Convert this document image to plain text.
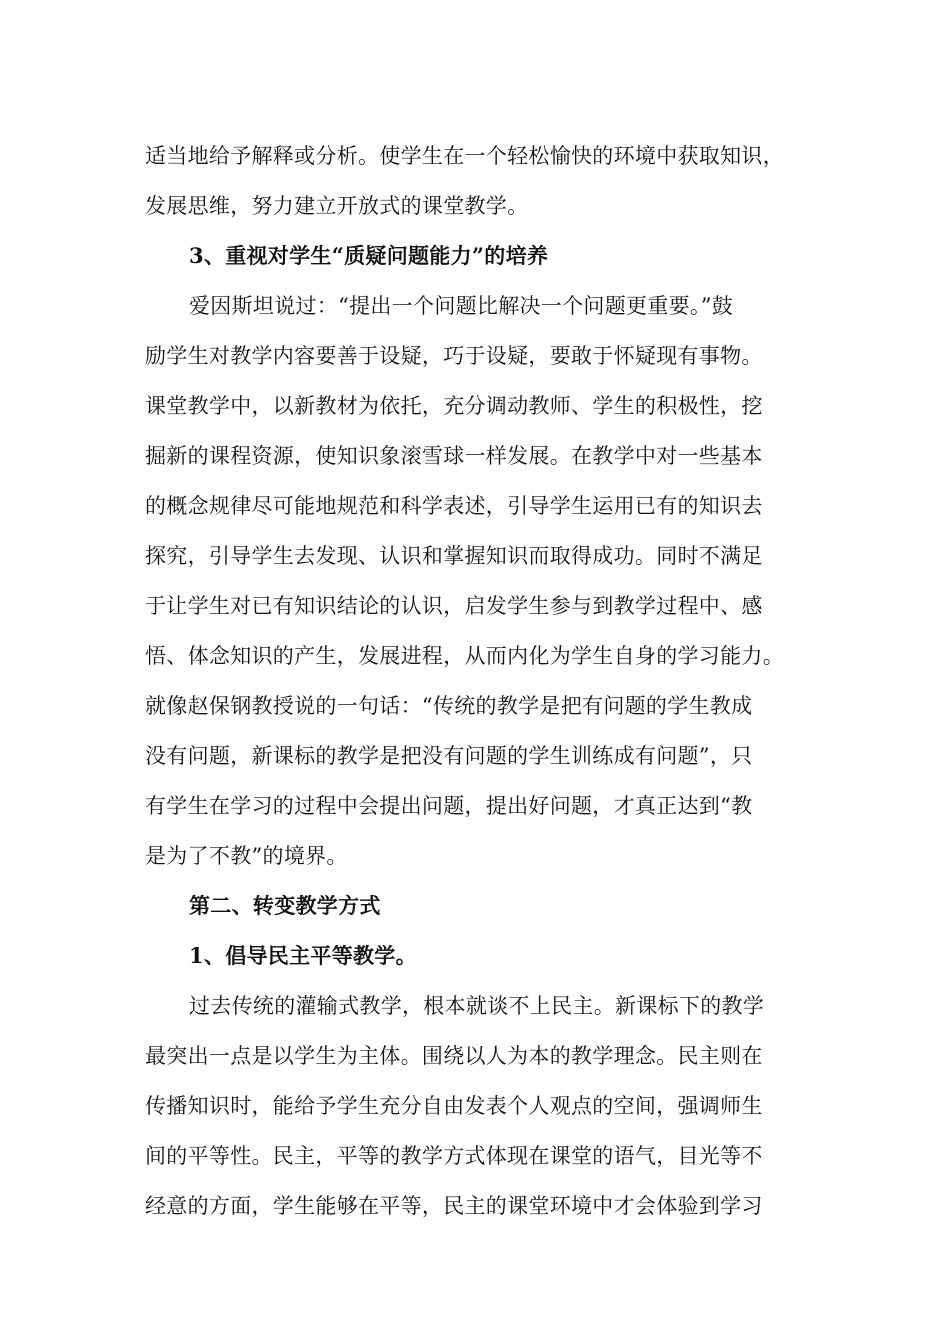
适当地给予解释或分析。使学生在一个轻松愉快的环境中获取知识，
发展思维，努力建立开放式的课堂教学。
3、重视对学生“质疑问题能力”的培养
爱因斯坦说过：“提出一个问题比解决一个问题更重要。”鼓
励学生对教学内容要善于设疑，巧于设疑，要敢于怀疑现有事物。
课堂教学中，以新教材为依托，充分调动教师、学生的积极性，挖
掘新的课程资源，使知识象滚雪球一样发展。在教学中对一些基本
的概念规律尽可能地规范和科学表述，引导学生运用已有的知识去
探究，引导学生去发现、认识和掌握知识而取得成功。同时不满足
于让学生对已有知识结论的认识，启发学生参与到教学过程中、感
悟、体念知识的产生，发展进程，从而内化为学生自身的学习能力。
就像赵保钢教授说的一句话：“传统的教学是把有问题的学生教成
没有问题，新课标的教学是把没有问题的学生训练成有问题”，只
有学生在学习的过程中会提出问题，提出好问题，才真正达到“教
是为了不教”的境界。
第二、转变教学方式
1、倡导民主平等教学。
过去传统的灌输式教学，根本就谈不上民主。新课标下的教学
最突出一点是以学生为主体。围绕以人为本的教学理念。民主则在
传播知识时，能给予学生充分自由发表个人观点的空间，强调师生
间的平等性。民主，平等的教学方式体现在课堂的语气，目光等不
经意的方面，学生能够在平等，民主的课堂环境中才会体验到学习
